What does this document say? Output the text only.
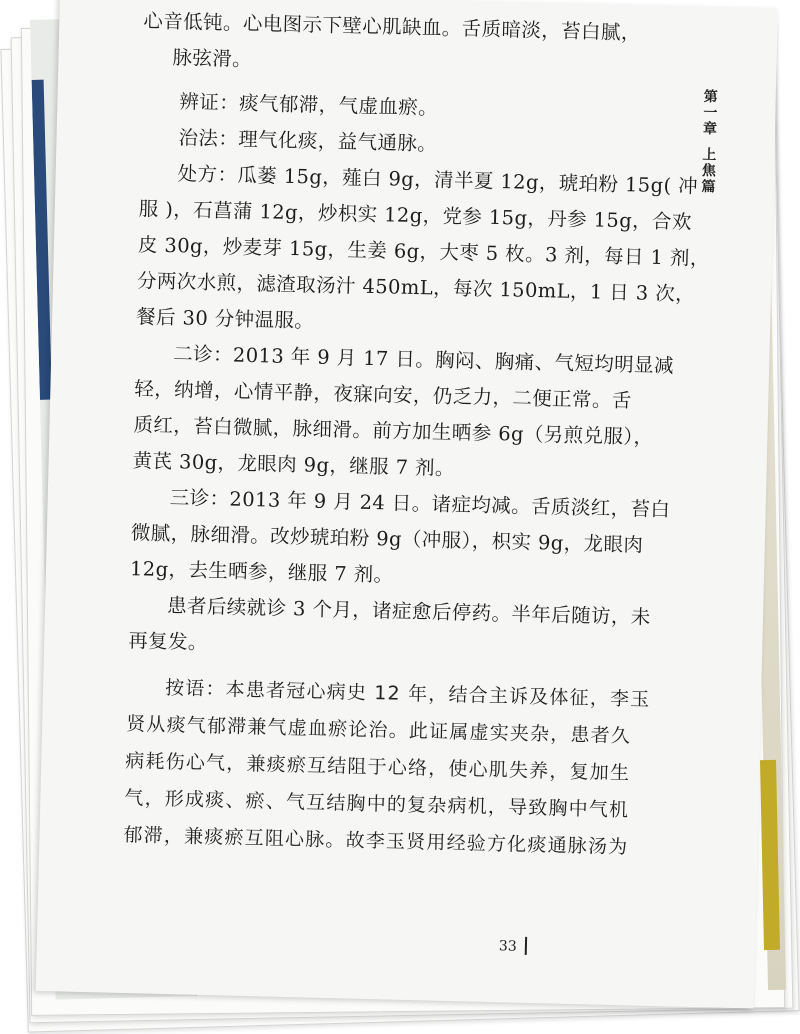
心音低钝。心电图示下壁心肌缺血。舌质暗淡，苔白腻，
脉弦滑。
辨证：痰气郁滞，气虚血瘀。
治法：理气化痰，益气通脉。
处方：瓜蒌 15g，薤白 9g，清半夏 12g，琥珀粉 15g( 冲
服 )，石菖蒲 12g，炒枳实 12g，党参 15g，丹参 15g，合欢
皮 30g，炒麦芽 15g，生姜 6g，大枣 5 枚。3 剂，每日 1 剂，
分两次水煎，滤渣取汤汁 450mL，每次 150mL，1 日 3 次，
餐后 30 分钟温服。
二诊：2013 年 9 月 17 日。胸闷、胸痛、气短均明显减
轻，纳增，心情平静，夜寐向安，仍乏力，二便正常。舌
质红，苔白微腻，脉细滑。前方加生晒参 6g（另煎兑服），
黄芪 30g，龙眼肉 9g，继服 7 剂。
三诊：2013 年 9 月 24 日。诸症均减。舌质淡红，苔白
微腻，脉细滑。改炒琥珀粉 9g（冲服），枳实 9g，龙眼肉
12g，去生晒参，继服 7 剂。
患者后续就诊 3 个月，诸症愈后停药。半年后随访，未
再复发。
按语：本患者冠心病史 12 年，结合主诉及体征，李玉
贤从痰气郁滞兼气虚血瘀论治。此证属虚实夹杂，患者久
病耗伤心气，兼痰瘀互结阻于心络，使心肌失养，复加生
气，形成痰、瘀、气互结胸中的复杂病机，导致胸中气机
郁滞，兼痰瘀互阻心脉。故李玉贤用经验方化痰通脉汤为
第一章
上焦篇
33
